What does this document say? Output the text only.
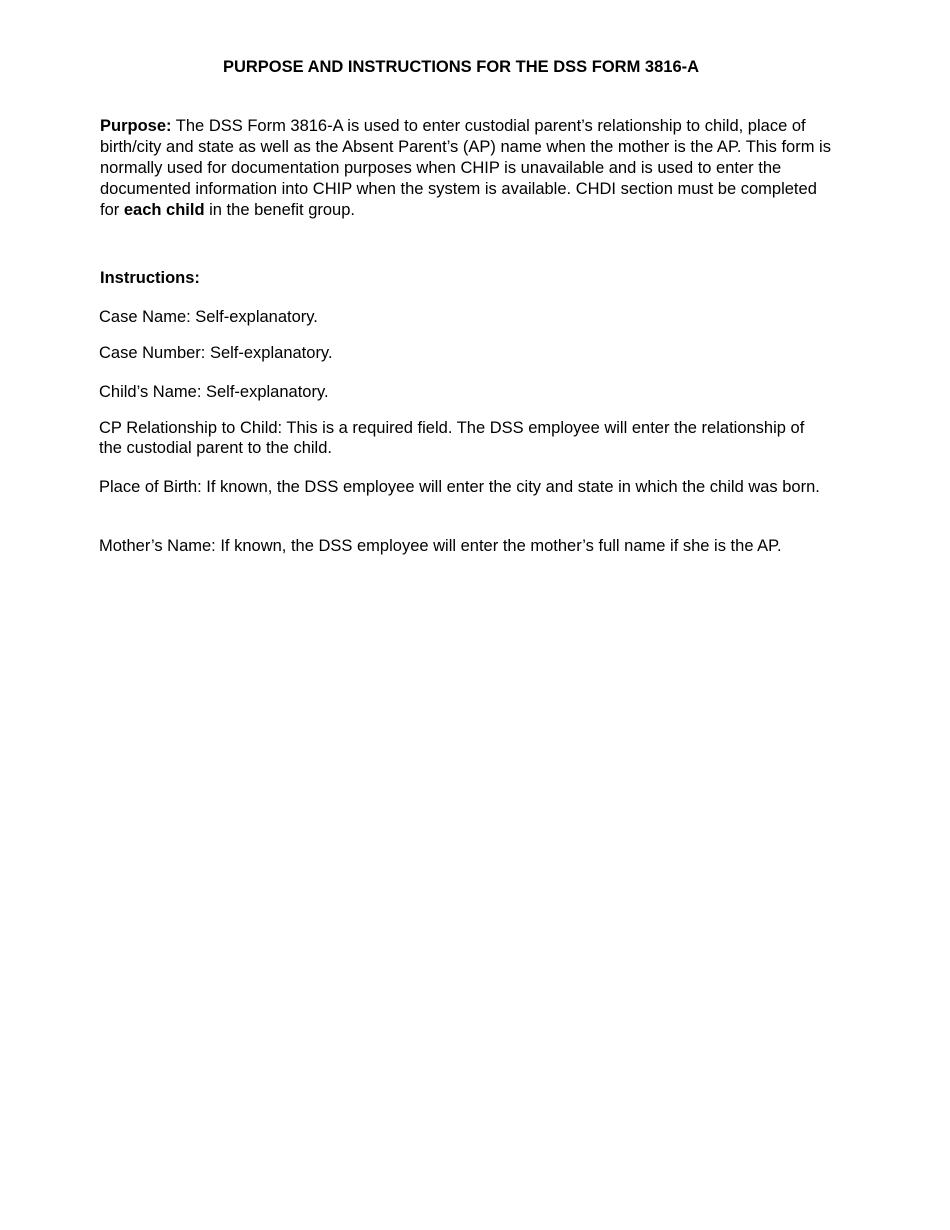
PURPOSE AND INSTRUCTIONS FOR THE DSS FORM 3816-A
Purpose: The DSS Form 3816-A is used to enter custodial parent’s relationship to child, place of birth/city and state as well as the Absent Parent’s (AP) name when the mother is the AP. This form is normally used for documentation purposes when CHIP is unavailable and is used to enter the documented information into CHIP when the system is available. CHDI section must be completed for each child in the benefit group.
Instructions:
Case Name: Self-explanatory.
Case Number: Self-explanatory.
Child’s Name: Self-explanatory.
CP Relationship to Child: This is a required field. The DSS employee will enter the relationship of the custodial parent to the child.
Place of Birth: If known, the DSS employee will enter the city and state in which the child was born.
Mother’s Name: If known, the DSS employee will enter the mother’s full name if she is the AP.
